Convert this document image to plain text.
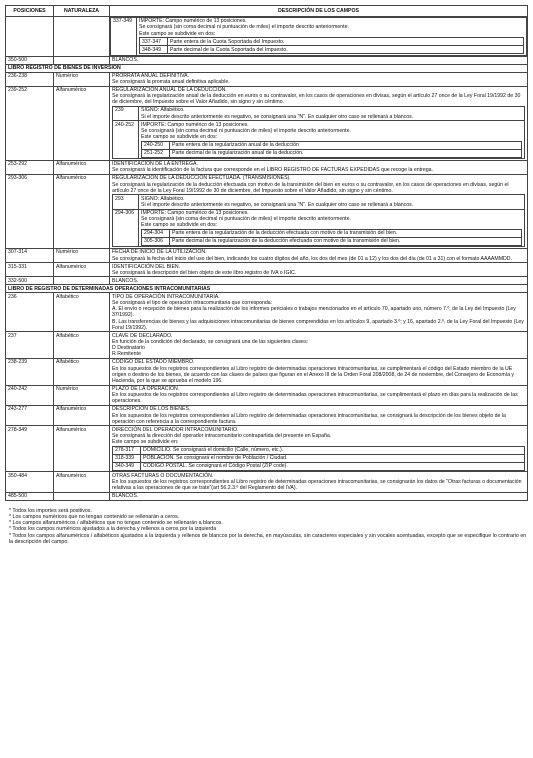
POSICIONES	NATURALEZA	DESCRIPCIÓN DE LOS CAMPOS

337-349	IMPORTE: Campo numérico de 13 posiciones.
Se consignará (sin coma decimal ni puntuación de miles) el importe descrito anteriormente.
Este campo se subdivide en dos:
337-347	Parte entera de la Cuota Soportada del Impuesto.
348-349	Parte decimal de la Cuota Soportada del Impuesto.

350-500		BLANCOS.
LIBRO REGISTRO DE BIENES DE INVERSION
236-238	Numérico	PRORRATA ANUAL DEFINITIVA.
Se consignará la prorrata anual definitiva aplicable.

239-252	Alfanumérico	REGULARIZACIÓN ANUAL DE LA DEDUCCIÓN.
Se consignará la regularización anual de la deducción en euros o su contravalor, en los casos de operaciones en divisas, según el artículo 27 once de la Ley Foral 19/1992 de 30 de diciembre, del Impuesto sobre el Valor Añadido, sin signo y sin céntimo.
239	SIGNO: Alfabético.
Si el importe descrito anteriormente es negativo, se consignará una "N". En cualquier otro caso se rellenará a blancos.

240-252	IMPORTE: Campo numérico de 13 posiciones.
Se consignará (sin coma decimal ni puntuación de miles) el importe descrito anteriormente.
Este campo se subdivide en dos:
240-250	Parte entera de la regularización anual de la deducción
251-252	Parte decimal de la regularización anual de la deducción.

253-292	Alfanumérico	IDENTIFICACIÓN DE LA ENTREGA.
Se consignará la identificación de la factura que corresponde en el LIBRO REGISTRO DE FACTURAS EXPEDIDAS que recoge la entrega.

293-306	Alfanumérico	REGULARIZACIÓN DE LA DEDUCCIÓN EFECTUADA. (TRANSMISIONES).
Se consignará la regularización de la deducción efectuada con motivo de la transmisión del bien en euros o su contravalor, en los casos de operaciones en divisas, según el artículo 27 once de la Ley Foral 19/1992 de 30 de diciembre, del Impuesto sobre el Valor Añadido, sin signo y sin céntimo.
293	SIGNO: Alfabético.
Si el importe descrito anteriormente es negativo, se consignará una "N". En cualquier otro caso se rellenará a blancos.

294-306	IMPORTE: Campo numérico de 13 posiciones.
Se consignará (sin coma decimal ni puntuación de miles) el importe descrito anteriormente.
Este campo se subdivide en dos:
294-304	Parte entera de la regularización de la deducción efectuada con motivo de la transmisión del bien.
305-306	Parte decimal de la regularización de la deducción efectuada con motivo de la transmisión del bien.

307-314	Numérico	FECHA DE INICIO DE LA UTILIZACIÓN.
Se consignará la fecha del inicio del uso del bien, indicando los cuatro dígitos del año, los dos del mes (de 01 a 12) y los dos del día (de 01 a 31) con el formato AAAAMMDD.

315-331	Alfanumérico	IDENTIFICACIÓN DEL BIEN.
Se consignará la descripción del bien objeto de este libro registro de IVA o IGIC.

332-500		BLANCOS.
LIBRO DE REGISTRO DE DETERMINADAS OPERACIONES INTRACOMUNITARIAS
236	Alfabético	TIPO DE OPERACIÓN INTRACOMUNITARIA.
Se consignará el tipo de operación intracomunitaria que corresponda:
A. El envío o recepción de bienes para la realización de los informes periciales o trabajos mencionados en el artículo 70, apartado uno, número 7.º, de la Ley del Impuesto (Ley 37/1992).
B. Las transferencias de bienes y las adquisiciones intracomunitarias de bienes comprendidas en los artículos 9, apartado 3.º; y 16, apartado 2.º, de la Ley Foral del Impuesto (Ley Foral 19/1992).

237	Alfabético	CLAVE DE DECLARADO.
En función de la condición del declarado, se consignará una de las siguientes claves:
D Destinatario
R Remitente

238-239	Alfabético	CÓDIGO DEL ESTADO MIEMBRO.
En los supuestos de los registros correspondientes al Libro registro de determinadas operaciones intracomunitarias, se cumplimentará el código del Estado miembro de la UE origen o destino de los bienes, de acuerdo con las claves de países que figuran en el Anexo III de la Orden Foral 208/2008, de 24 de noviembre, del Consejero de Economía y Hacienda, por la que se aprueba el modelo 196.

240-242	Numérico	PLAZO DE LA OPERACIÓN.
En los supuestos de los registros correspondientes al Libro registro de determinadas operaciones intracomunitarias, se cumplimentará el plazo en días para la realización de las operaciones.

243-277	Alfanumérico	DESCRIPCIÓN DE LOS BIENES.
En los supuestos de los registros correspondientes al Libro registro de determinadas operaciones intracomunitarias, se consignará la descripción de los bienes objeto de la operación con referencia a la correspondiente factura.

278-349	Alfanumérico	DIRECCIÓN DEL OPERADOR INTRACOMUNITARIO.
Se consignará la dirección del operador intracomunitario contrapartida del presente en España.
Este campo se subdivide en:
278-317	DOMICILIO. Se consignará el domicilio (Calle, número, etc.).
318-339	POBLACIÓN. Se consignará el nombre de Población / Ciudad.
340-349	CÓDIGO POSTAL. Se consignará el Código Postal (ZIP code).

350-484	Alfanumérico	OTRAS FACTURAS O DOCUMENTACIÓN.
En los supuestos de los registros correspondientes al Libro registro de determinadas operaciones intracomunitarias, se consignarán los datos de "Otras facturas o documentación relativas a las operaciones de que se trate"(art 56.2.3.º del Reglamento del IVA).

485-500		BLANCOS.
* Todos los importes será positivos.
* Los campos numéricos que no tengan contenido se rellenarán a ceros.
* Los campos alfanuméricos / alfabéticos que no tengan contenido se rellenarán a blancos.
* Todos los campos numéricos ajustados a la derecha y rellenos a ceros por la izquierda
* Todos los campos alfanuméricos / alfabéticos ajustados a la izquierda y rellenos de blancos por la derecha, en mayúsculas, sin caracteres especiales y sin vocales acentuadas, excepto que se especifique lo contrario en la descripción del campo.
